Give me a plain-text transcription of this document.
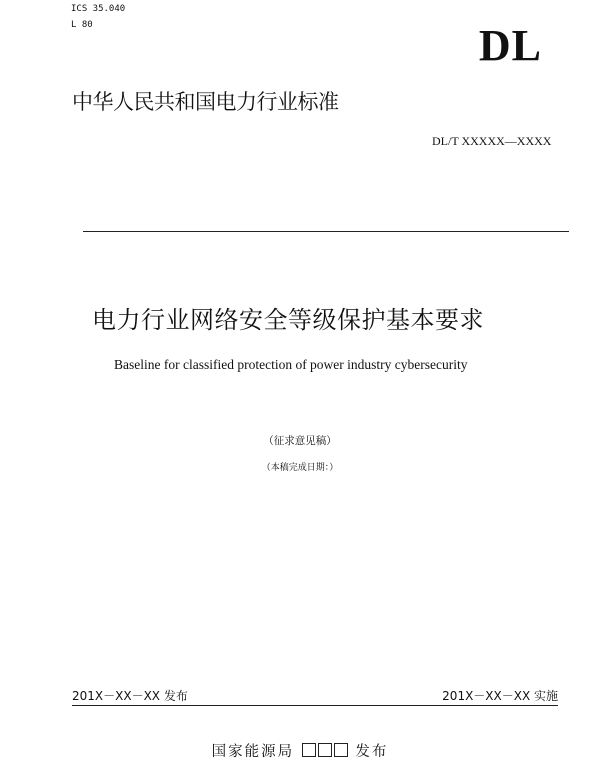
ICS 35.040
L 80	DL
中华人民共和国电力行业标准
DL/T XXXXX—XXXX
电力行业网络安全等级保护基本要求
Baseline for classified protection of power industry cybersecurity
（征求意见稿）
（本稿完成日期：）
201X－XX－XX 发布	201X－XX－XX 实施
国家能源局	发布
